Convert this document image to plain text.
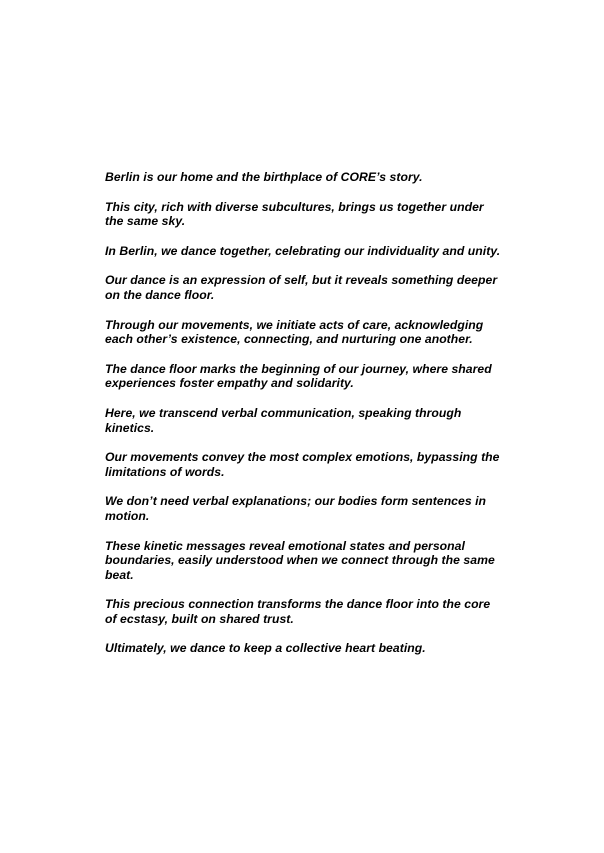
Berlin is our home and the birthplace of CORE’s story.

This city, rich with diverse subcultures, brings us together under the same sky.

In Berlin, we dance together, celebrating our individuality and unity.

Our dance is an expression of self, but it reveals something deeper on the dance floor.

Through our movements, we initiate acts of care, acknowledging each other’s existence, connecting, and nurturing one another.

The dance floor marks the beginning of our journey, where shared experiences foster empathy and solidarity.

Here, we transcend verbal communication, speaking through kinetics.

Our movements convey the most complex emotions, bypassing the limitations of words.

We don’t need verbal explanations; our bodies form sentences in motion.

These kinetic messages reveal emotional states and personal boundaries, easily understood when we connect through the same beat.

This precious connection transforms the dance floor into the core of ecstasy, built on shared trust.

Ultimately, we dance to keep a collective heart beating.
